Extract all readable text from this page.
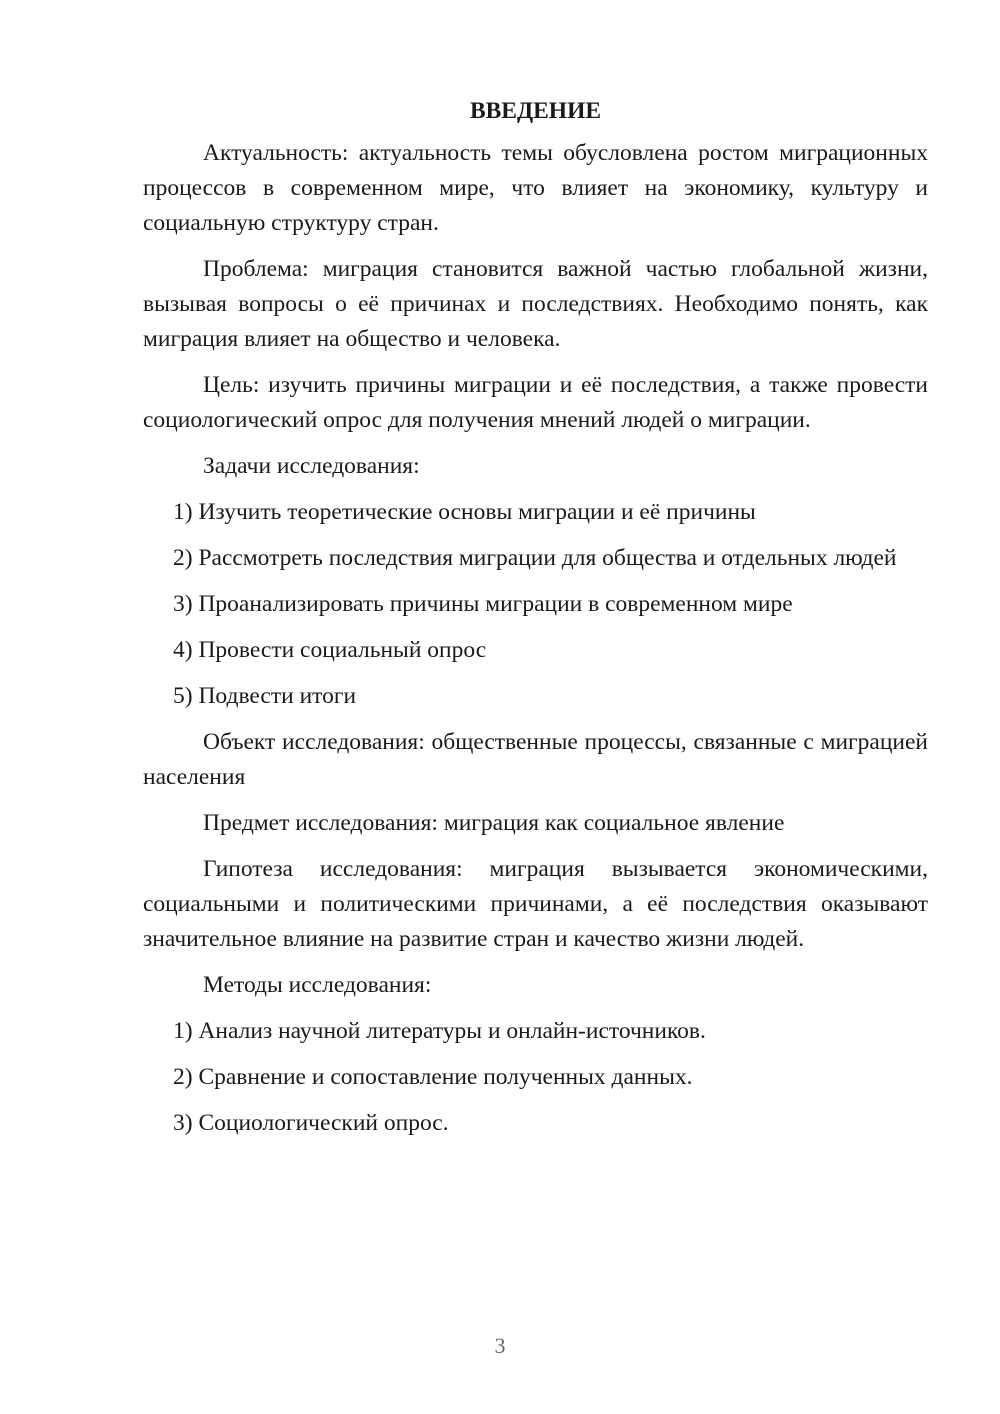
ВВЕДЕНИЕ

Актуальность: актуальность темы обусловлена ростом миграционных процессов в современном мире, что влияет на экономику, культуру и социальную структуру стран.

Проблема: миграция становится важной частью глобальной жизни, вызывая вопросы о её причинах и последствиях. Необходимо понять, как миграция влияет на общество и человека.

Цель: изучить причины миграции и её последствия, а также провести социологический опрос для получения мнений людей о миграции.

Задачи исследования:

1) Изучить теоретические основы миграции и её причины

2) Рассмотреть последствия миграции для общества и отдельных людей

3) Проанализировать причины миграции в современном мире

4) Провести социальный опрос

5) Подвести итоги

Объект исследования: общественные процессы, связанные с миграцией населения

Предмет исследования: миграция как социальное явление

Гипотеза исследования: миграция вызывается экономическими, социальными и политическими причинами, а её последствия оказывают значительное влияние на развитие стран и качество жизни людей.

Методы исследования:

1) Анализ научной литературы и онлайн-источников.

2) Сравнение и сопоставление полученных данных.

3) Социологический опрос.

3
